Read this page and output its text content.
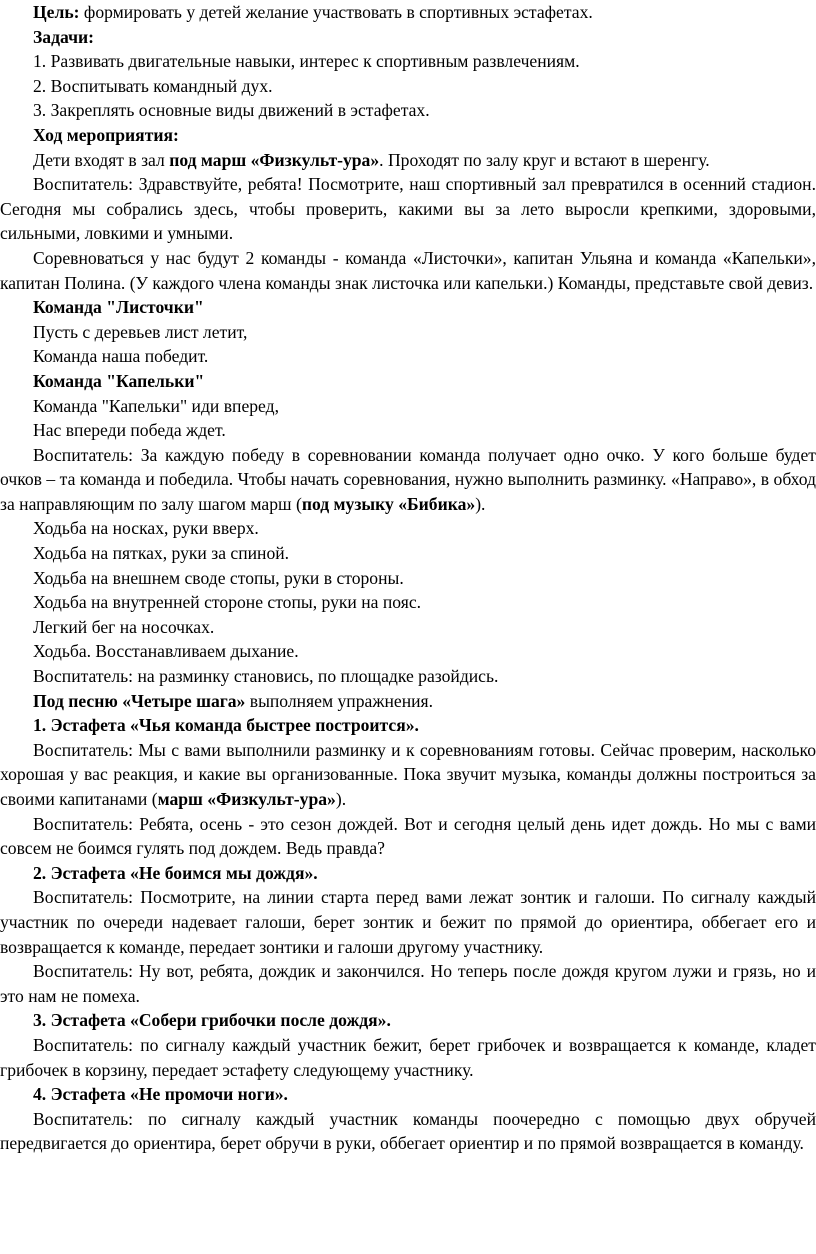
Цель: формировать у детей желание участвовать в спортивных эстафетах.

Задачи:

1. Развивать двигательные навыки, интерес к спортивным развлечениям.

2. Воспитывать командный дух.

3. Закреплять основные виды движений в эстафетах.

Ход мероприятия:

Дети входят в зал под марш «Физкульт-ура». Проходят по залу круг и встают в шеренгу.

Воспитатель: Здравствуйте, ребята! Посмотрите, наш спортивный зал превратился в осенний стадион. Сегодня мы собрались здесь, чтобы проверить, какими вы за лето выросли крепкими, здоровыми, сильными, ловкими и умными.

Соревноваться у нас будут 2 команды - команда «Листочки», капитан Ульяна и команда «Капельки», капитан Полина. (У каждого члена команды знак листочка или капельки.) Команды, представьте свой девиз.

Команда "Листочки"

Пусть с деревьев лист летит,

Команда наша победит.

Команда "Капельки"

Команда "Капельки" иди вперед,

Нас впереди победа ждет.

Воспитатель: За каждую победу в соревновании команда получает одно очко. У кого больше будет очков – та команда и победила. Чтобы начать соревнования, нужно выполнить разминку. «Направо», в обход за направляющим по залу шагом марш (под музыку «Бибика»).

Ходьба на носках, руки вверх.

Ходьба на пятках, руки за спиной.

Ходьба на внешнем своде стопы, руки в стороны.

Ходьба на внутренней стороне стопы, руки на пояс.

Легкий бег на носочках.

Ходьба. Восстанавливаем дыхание.

Воспитатель: на разминку становись, по площадке разойдись.

Под песню «Четыре шага» выполняем упражнения.

1. Эстафета «Чья команда быстрее построится».

Воспитатель: Мы с вами выполнили разминку и к соревнованиям готовы. Сейчас проверим, насколько хорошая у вас реакция, и какие вы организованные. Пока звучит музыка, команды должны построиться за своими капитанами (марш «Физкульт-ура»).

Воспитатель: Ребята, осень - это сезон дождей. Вот и сегодня целый день идет дождь. Но мы с вами совсем не боимся гулять под дождем. Ведь правда?

2. Эстафета «Не боимся мы дождя».

Воспитатель: Посмотрите, на линии старта перед вами лежат зонтик и галоши. По сигналу каждый участник по очереди надевает галоши, берет зонтик и бежит по прямой до ориентира, оббегает его и возвращается к команде, передает зонтики и галоши другому участнику.

Воспитатель: Ну вот, ребята, дождик и закончился. Но теперь после дождя кругом лужи и грязь, но и это нам не помеха.

3. Эстафета «Собери грибочки после дождя».

Воспитатель: по сигналу каждый участник бежит, берет грибочек и возвращается к команде, кладет грибочек в корзину, передает эстафету следующему участнику.

4. Эстафета «Не промочи ноги».

Воспитатель: по сигналу каждый участник команды поочередно с помощью двух обручей передвигается до ориентира, берет обручи в руки, оббегает ориентир и по прямой возвращается в команду.
